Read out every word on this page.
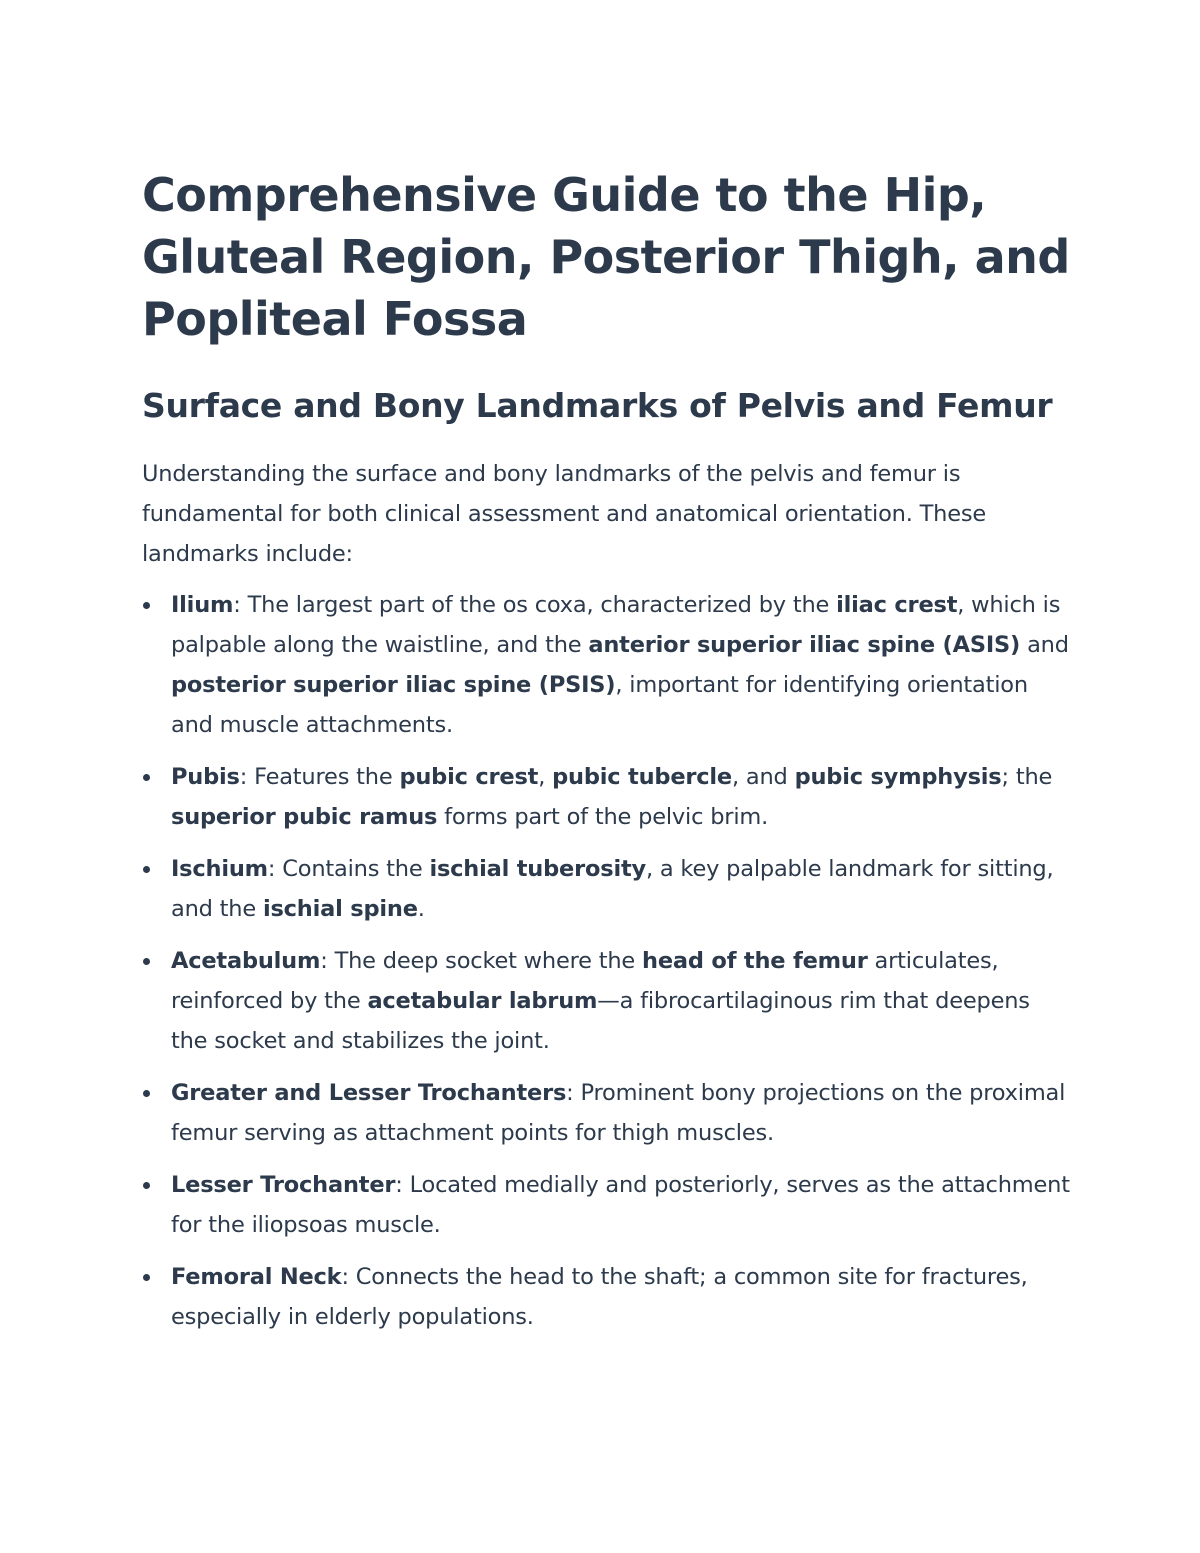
Comprehensive Guide to the Hip, Gluteal Region, Posterior Thigh, and Popliteal Fossa
Surface and Bony Landmarks of Pelvis and Femur

Understanding the surface and bony landmarks of the pelvis and femur is fundamental for both clinical assessment and anatomical orientation. These landmarks include:

Ilium: The largest part of the os coxa, characterized by the iliac crest, which is palpable along the waistline, and the anterior superior iliac spine (ASIS) and posterior superior iliac spine (PSIS), important for identifying orientation and muscle attachments.
Pubis: Features the pubic crest, pubic tubercle, and pubic symphysis; the superior pubic ramus forms part of the pelvic brim.
Ischium: Contains the ischial tuberosity, a key palpable landmark for sitting, and the ischial spine.
Acetabulum: The deep socket where the head of the femur articulates, reinforced by the acetabular labrum—a fibrocartilaginous rim that deepens the socket and stabilizes the joint.
Greater and Lesser Trochanters: Prominent bony projections on the proximal femur serving as attachment points for thigh muscles.
Lesser Trochanter: Located medially and posteriorly, serves as the attachment for the iliopsoas muscle.
Femoral Neck: Connects the head to the shaft; a common site for fractures, especially in elderly populations.
